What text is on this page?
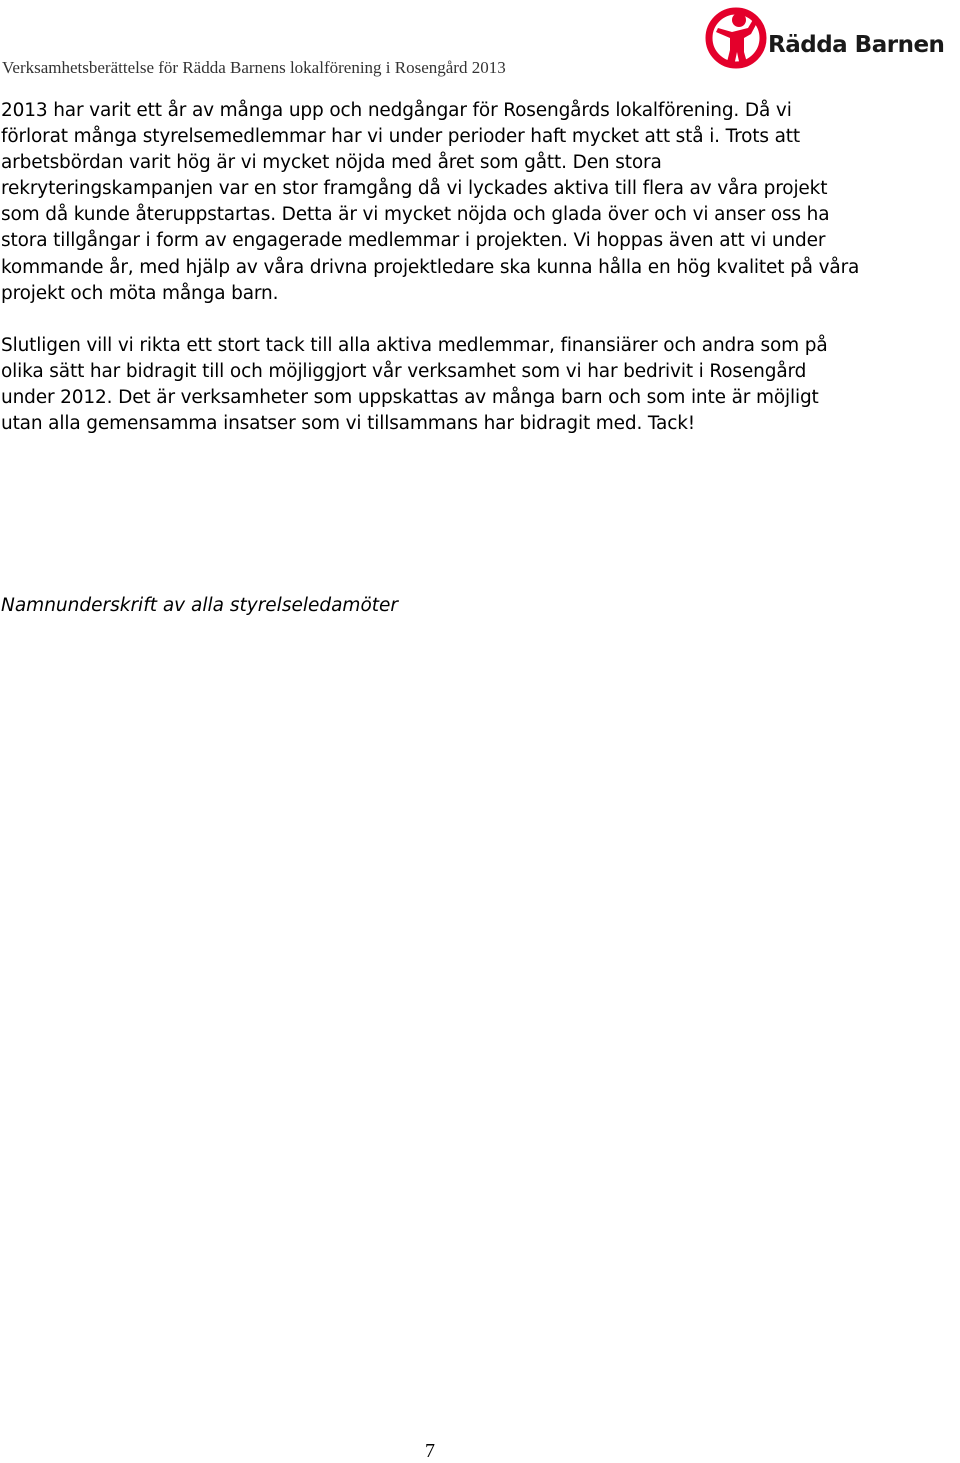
Verksamhetsberättelse för Rädda Barnens lokalförening i Rosengård 2013
Rädda Barnen

2013 har varit ett år av många upp och nedgångar för Rosengårds lokalförening. Då vi förlorat många styrelsemedlemmar har vi under perioder haft mycket att stå i. Trots att arbetsbördan varit hög är vi mycket nöjda med året som gått. Den stora rekryteringskampanjen var en stor framgång då vi lyckades aktiva till flera av våra projekt som då kunde återuppstartas. Detta är vi mycket nöjda och glada över och vi anser oss ha stora tillgångar i form av engagerade medlemmar i projekten. Vi hoppas även att vi under kommande år, med hjälp av våra drivna projektledare ska kunna hålla en hög kvalitet på våra projekt och möta många barn.

Slutligen vill vi rikta ett stort tack till alla aktiva medlemmar, finansiärer och andra som på olika sätt har bidragit till och möjliggjort vår verksamhet som vi har bedrivit i Rosengård under 2012. Det är verksamheter som uppskattas av många barn och som inte är möjligt utan alla gemensamma insatser som vi tillsammans har bidragit med. Tack!

Namnunderskrift av alla styrelseledamöter
7
